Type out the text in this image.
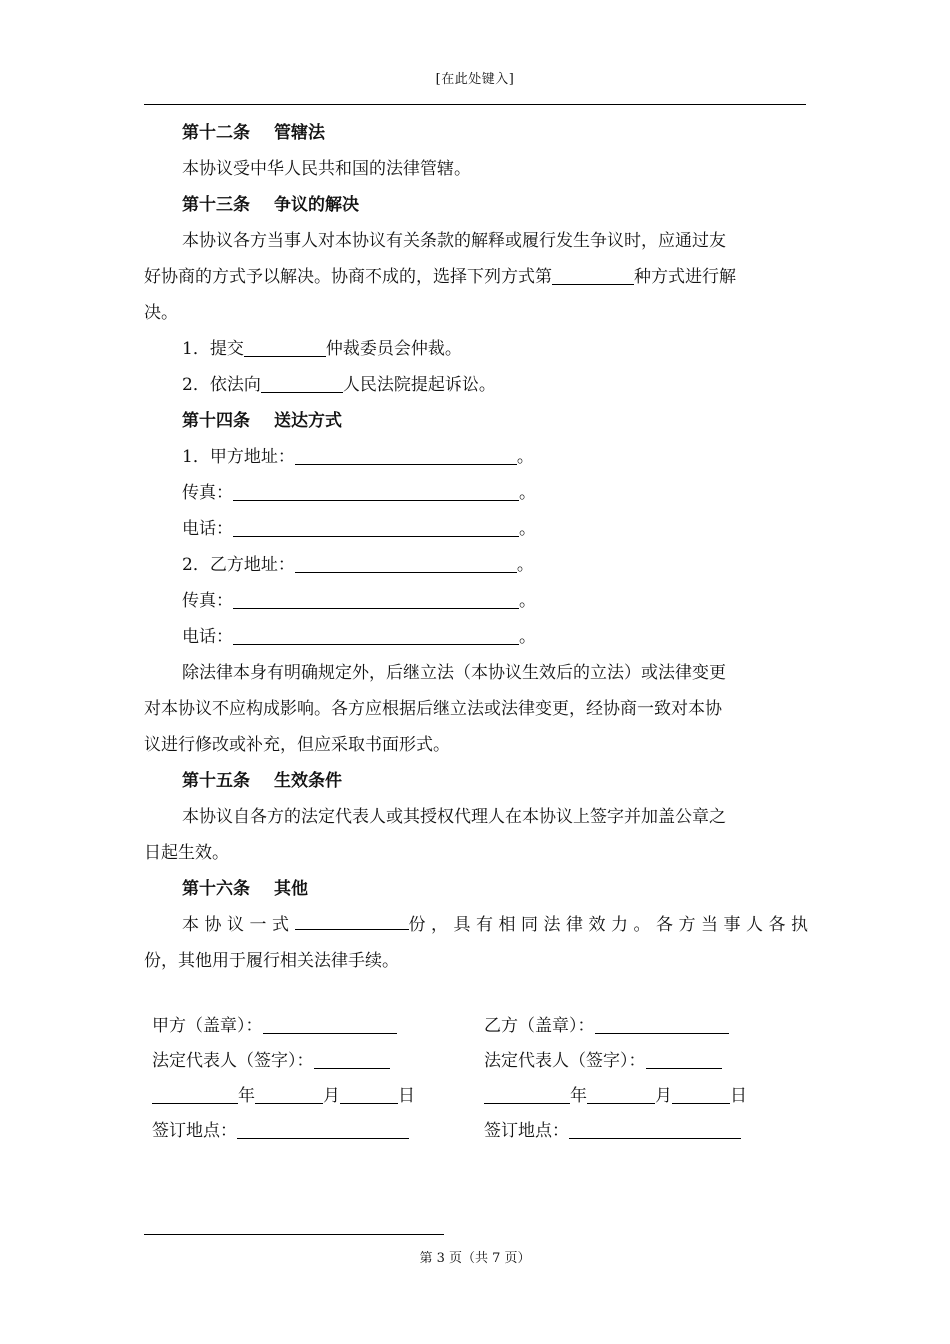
[在此处键入]
第十二条 管辖法
本协议受中华人民共和国的法律管辖。
第十三条 争议的解决
本协议各方当事人对本协议有关条款的解释或履行发生争议时，应通过友
好协商的方式予以解决。协商不成的，选择下列方式第	种方式进行解
决。
1．提交	仲裁委员会仲裁。
2．依法向	人民法院提起诉讼。
第十四条 送达方式
1．甲方地址：	。
传真：	。
电话：	。
2．乙方地址：	。
传真：	。
电话：	。
除法律本身有明确规定外，后继立法（本协议生效后的立法）或法律变更
对本协议不应构成影响。各方应根据后继立法或法律变更，经协商一致对本协
议进行修改或补充，但应采取书面形式。
第十五条 生效条件
本协议自各方的法定代表人或其授权代理人在本协议上签字并加盖公章之
日起生效。
第十六条 其他
本协议一式	份，具有相同法律效力。各方当事人各执
份，其他用于履行相关法律手续。
甲方（盖章）：	乙方（盖章）：
法定代表人（签字）：	法定代表人（签字）：
年	月	日	年	月	日
签订地点：	签订地点：
第 3 页（共 7 页）
